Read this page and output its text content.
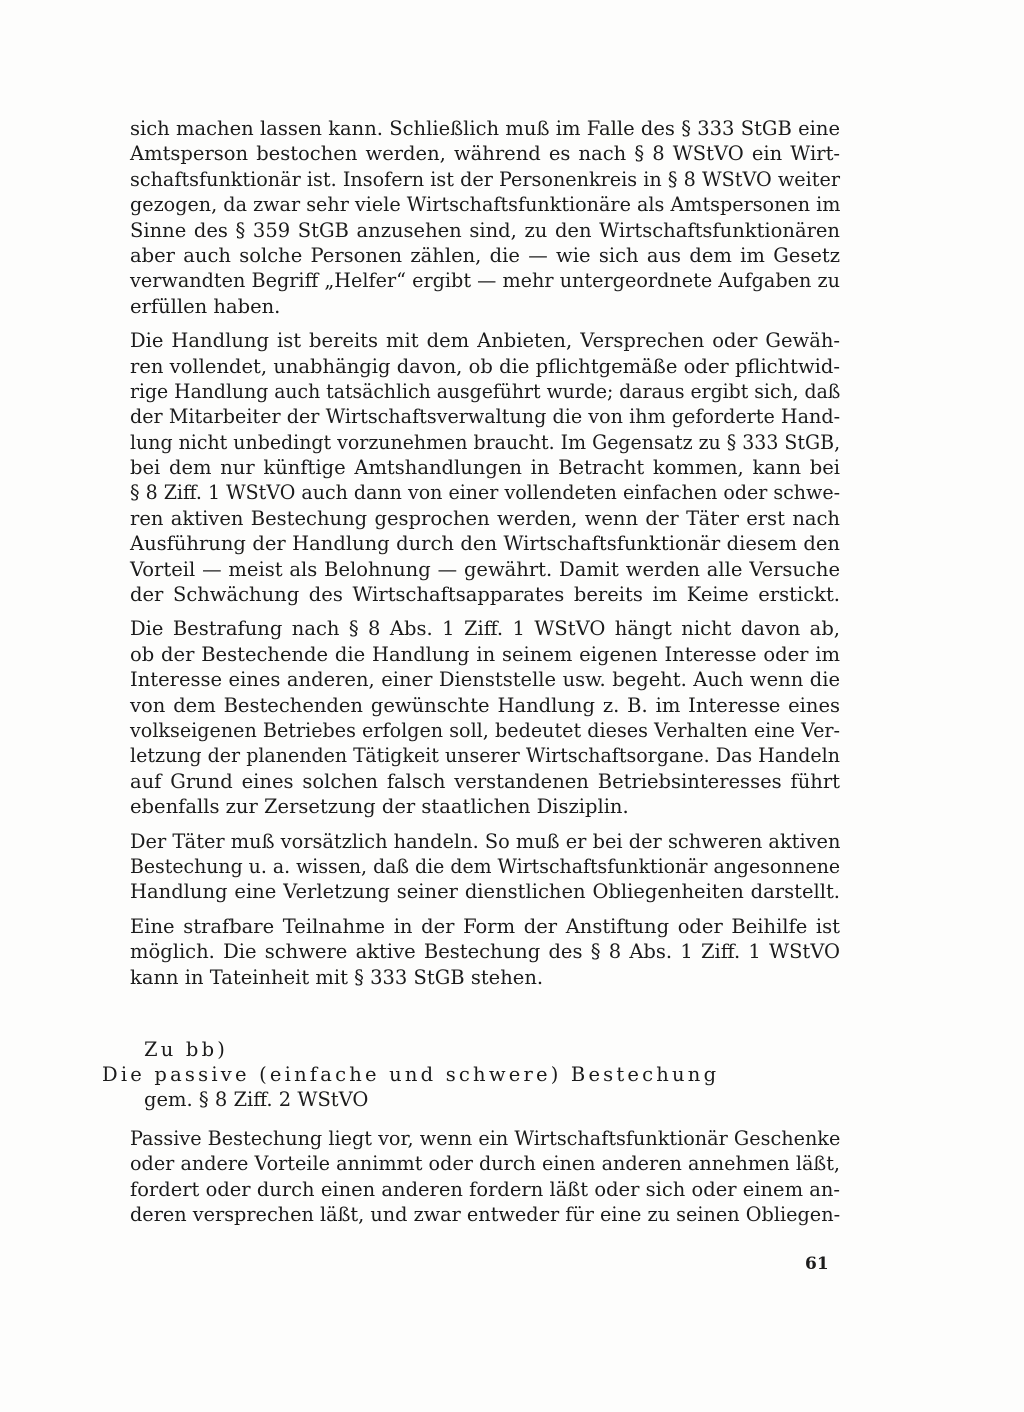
sich machen lassen kann. Schließlich muß im Falle des § 333 StGB eine
Amtsperson bestochen werden, während es nach § 8 WStVO ein Wirt-
schaftsfunktionär ist. Insofern ist der Personenkreis in § 8 WStVO weiter
gezogen, da zwar sehr viele Wirtschaftsfunktionäre als Amtspersonen im
Sinne des § 359 StGB anzusehen sind, zu den Wirtschaftsfunktionären
aber auch solche Personen zählen, die — wie sich aus dem im Gesetz
verwandten Begriff „Helfer“ ergibt — mehr untergeordnete Aufgaben zu
erfüllen haben.
Die Handlung ist bereits mit dem Anbieten, Versprechen oder Gewäh-
ren vollendet, unabhängig davon, ob die pflichtgemäße oder pflichtwid-
rige Handlung auch tatsächlich ausgeführt wurde; daraus ergibt sich, daß
der Mitarbeiter der Wirtschaftsverwaltung die von ihm geforderte Hand-
lung nicht unbedingt vorzunehmen braucht. Im Gegensatz zu § 333 StGB,
bei dem nur künftige Amtshandlungen in Betracht kommen, kann bei
§ 8 Ziff. 1 WStVO auch dann von einer vollendeten einfachen oder schwe-
ren aktiven Bestechung gesprochen werden, wenn der Täter erst nach
Ausführung der Handlung durch den Wirtschaftsfunktionär diesem den
Vorteil — meist als Belohnung — gewährt. Damit werden alle Versuche
der Schwächung des Wirtschaftsapparates bereits im Keime erstickt.
Die Bestrafung nach § 8 Abs. 1 Ziff. 1 WStVO hängt nicht davon ab,
ob der Bestechende die Handlung in seinem eigenen Interesse oder im
Interesse eines anderen, einer Dienststelle usw. begeht. Auch wenn die
von dem Bestechenden gewünschte Handlung z. B. im Interesse eines
volkseigenen Betriebes erfolgen soll, bedeutet dieses Verhalten eine Ver-
letzung der planenden Tätigkeit unserer Wirtschaftsorgane. Das Handeln
auf Grund eines solchen falsch verstandenen Betriebsinteresses führt
ebenfalls zur Zersetzung der staatlichen Disziplin.
Der Täter muß vorsätzlich handeln. So muß er bei der schweren aktiven
Bestechung u. a. wissen, daß die dem Wirtschaftsfunktionär angesonnene
Handlung eine Verletzung seiner dienstlichen Obliegenheiten darstellt.
Eine strafbare Teilnahme in der Form der Anstiftung oder Beihilfe ist
möglich. Die schwere aktive Bestechung des § 8 Abs. 1 Ziff. 1 WStVO
kann in Tateinheit mit § 333 StGB stehen.
Zu bb)
Die passive (einfache und schwere) Bestechung
gem. § 8 Ziff. 2 WStVO
Passive Bestechung liegt vor, wenn ein Wirtschaftsfunktionär Geschenke
oder andere Vorteile annimmt oder durch einen anderen annehmen läßt,
fordert oder durch einen anderen fordern läßt oder sich oder einem an-
deren versprechen läßt, und zwar entweder für eine zu seinen Obliegen-
61
